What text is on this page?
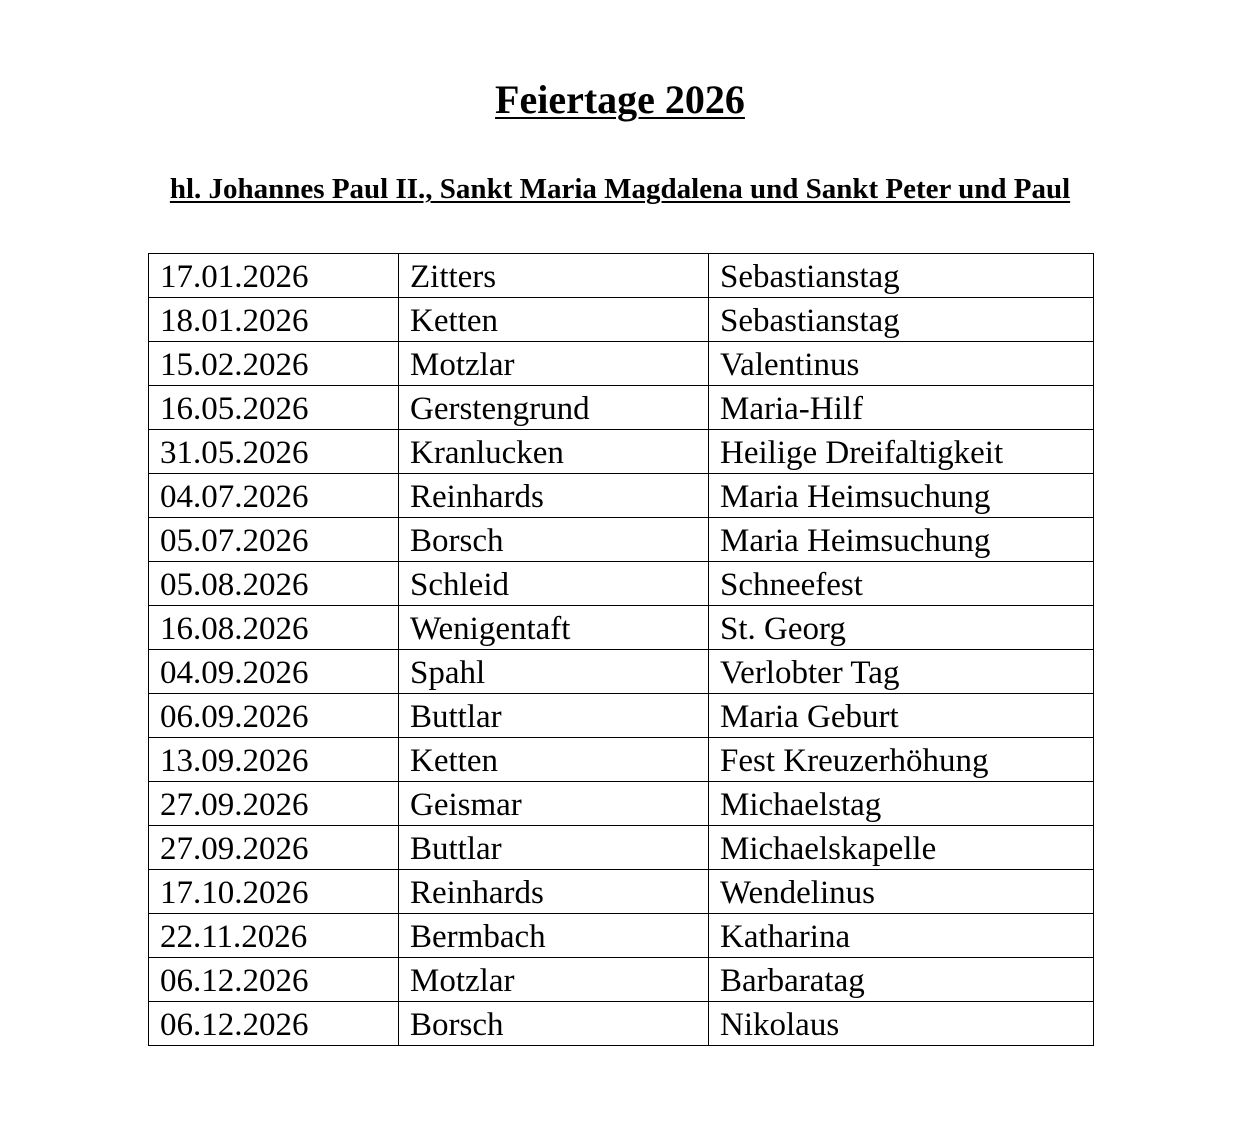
Feiertage 2026
hl. Johannes Paul II., Sankt Maria Magdalena und Sankt Peter und Paul
17.01.2026	Zitters	Sebastianstag
18.01.2026	Ketten	Sebastianstag
15.02.2026	Motzlar	Valentinus
16.05.2026	Gerstengrund	Maria-Hilf
31.05.2026	Kranlucken	Heilige Dreifaltigkeit
04.07.2026	Reinhards	Maria Heimsuchung
05.07.2026	Borsch	Maria Heimsuchung
05.08.2026	Schleid	Schneefest
16.08.2026	Wenigentaft	St. Georg
04.09.2026	Spahl	Verlobter Tag
06.09.2026	Buttlar	Maria Geburt
13.09.2026	Ketten	Fest Kreuzerhöhung
27.09.2026	Geismar	Michaelstag
27.09.2026	Buttlar	Michaelskapelle
17.10.2026	Reinhards	Wendelinus
22.11.2026	Bermbach	Katharina
06.12.2026	Motzlar	Barbaratag
06.12.2026	Borsch	Nikolaus
